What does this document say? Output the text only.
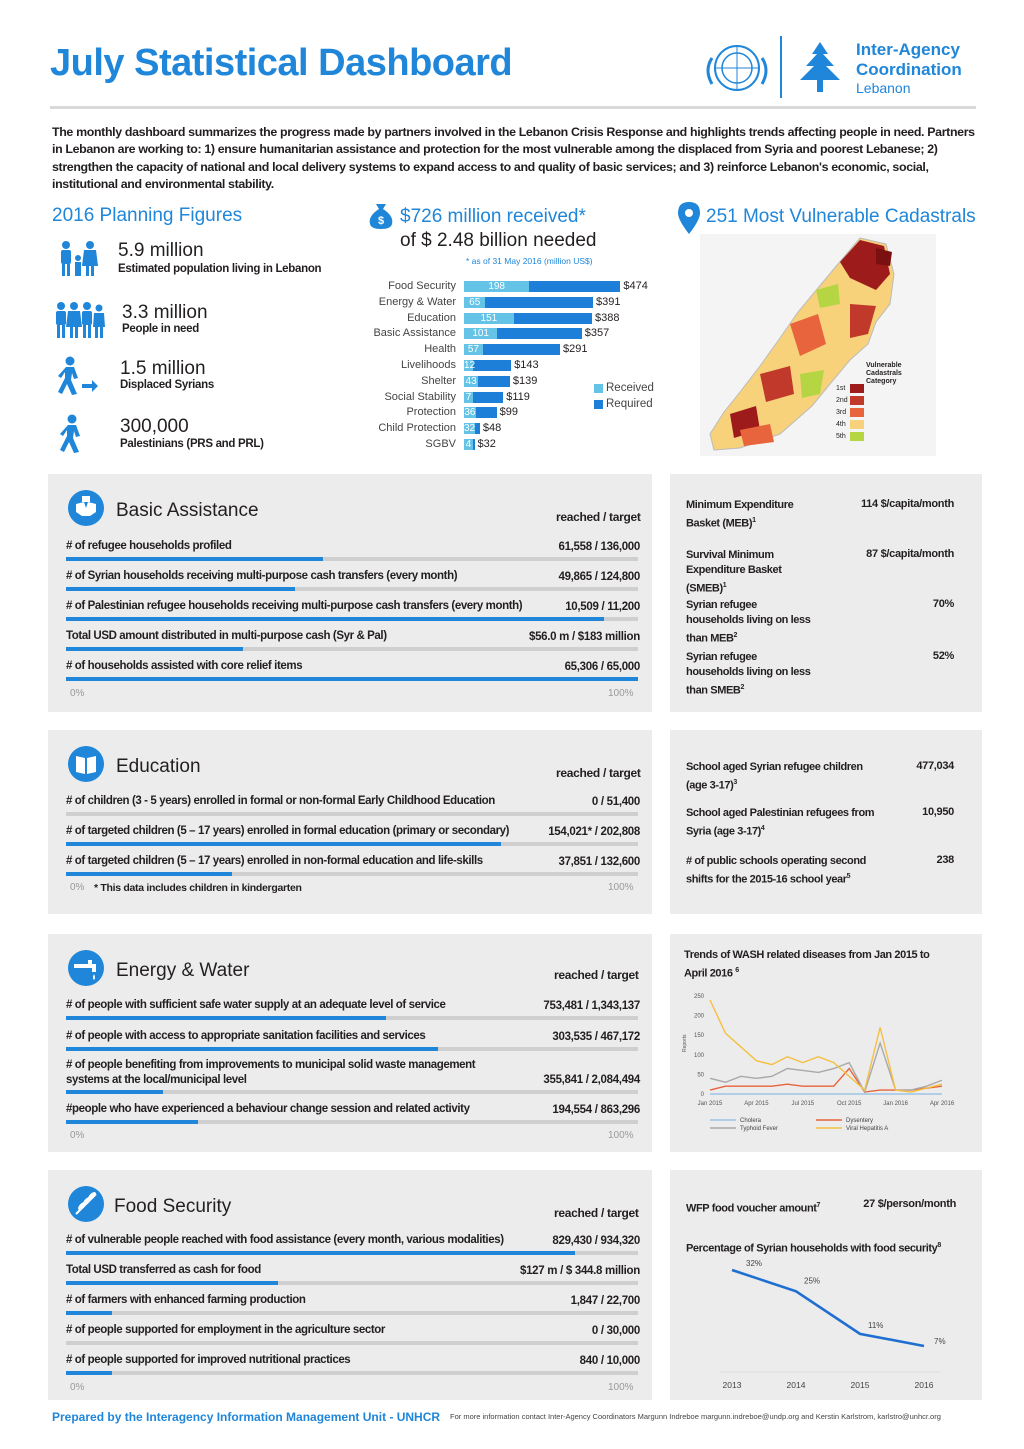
July Statistical Dashboard	Inter-Agency
Coordination
Lebanon
The monthly dashboard summarizes the progress made by partners involved in the Lebanon Crisis Response and highlights trends affecting people in need. Partners in Lebanon are working to: 1) ensure humanitarian assistance and protection for the most vulnerable among the displaced from Syria and poorest Lebanese; 2) strengthen the capacity of national and local delivery systems to expand access to and quality of basic services; and 3) reinforce Lebanon's economic, social, institutional and environmental stability.
2016 Planning Figures
5.9 million
Estimated population living in Lebanon
3.3 million
People in need
1.5 million
Displaced Syrians
300,000
Palestinians (PRS and PRL)
$ $726 million received*
of $ 2.48 billion needed
* as of 31 May 2016 (million US$)
Food Security	198	$474
Energy & Water	65	$391
Education	151	$388
Basic Assistance	101	$357
Health	57	$291
Livelihoods 12	$143
Shelter 43	$139
Social Stability 7	$119
Protection 36 $99
Child Protection 32 $48
SGBV 4 $32
Received
Required
251 Most Vulnerable Cadastrals
Vulnerable Cadastrals Category
1st
2nd
3rd
4th
5th
Basic Assistance	reached / target
# of refugee households profiled	61,558 / 136,000
# of Syrian households receiving multi-purpose cash transfers (every month)	49,865 / 124,800
# of Palestinian refugee households receiving multi-purpose cash transfers (every month)	10,509 / 11,200
Total USD amount distributed in multi-purpose cash (Syr & Pal)	$56.0 m / $183 million
# of households assisted with core relief items	65,306 / 65,000
0%	100%
Minimum Expenditure Basket (MEB)$^1$
114 $/capita/month
Survival Minimum Expenditure Basket (SMEB)$^1$
87 $/capita/month
Syrian refugee households living on less than MEB$^2$
70%
Syrian refugee households living on less than SMEB$^2$
52%
Education	reached / target
# of children (3 - 5 years) enrolled in formal or non-formal Early Childhood Education	0 / 51,400
# of targeted children (5 – 17 years) enrolled in formal education (primary or secondary)	154,021* / 202,808
# of targeted children (5 – 17 years) enrolled in non-formal education and life-skills	37,851 / 132,600
0% * This data includes children in kindergarten	100%
School aged Syrian refugee children (age 3-17)$^3$
477,034
School aged Palestinian refugees from Syria (age 3-17)$^4$
10,950
# of public schools operating second shifts for the 2015-16 school year$^5$
238
Energy & Water	reached / target
# of people with sufficient safe water supply at an adequate level of service	753,481 / 1,343,137
# of people with access to appropriate sanitation facilities and services	303,535 / 467,172
# of people benefiting from improvements to municipal solid waste management systems at the local/municipal level	355,841 / 2,084,494
#people who have experienced a behaviour change session and related activity	194,554 / 863,296
0%	100%
Trends of WASH related diseases from Jan 2015 to April 2016 $^6$
0
50
100
150
200
250
Reports
Jan 2015	Apr 2015	Jul 2015	Oct 2015	Jan 2016	Apr 2016
Cholera	Dysentery
Typhoid Fever	Viral Hepatitis A
Food Security	reached / target
# of vulnerable people reached with food assistance (every month, various modalities)	829,430 / 934,320
Total USD transferred as cash for food	$127 m / $ 344.8 million
# of farmers with enhanced farming production	1,847 / 22,700
# of people supported for employment in the agriculture sector	0 / 30,000
# of people supported for improved nutritional practices	840 / 10,000
0%	100%
WFP food voucher amount$^7$	27 $/person/month
Percentage of Syrian households with food security$^8$
32%
2013
25%
2014
11%
2015
7%
2016
Prepared by the Interagency Information Management Unit - UNHCR For more information contact Inter-Agency Coordinators Margunn Indreboe margunn.indreboe@undp.org and Kerstin Karlstrom, karlstro@unhcr.org
